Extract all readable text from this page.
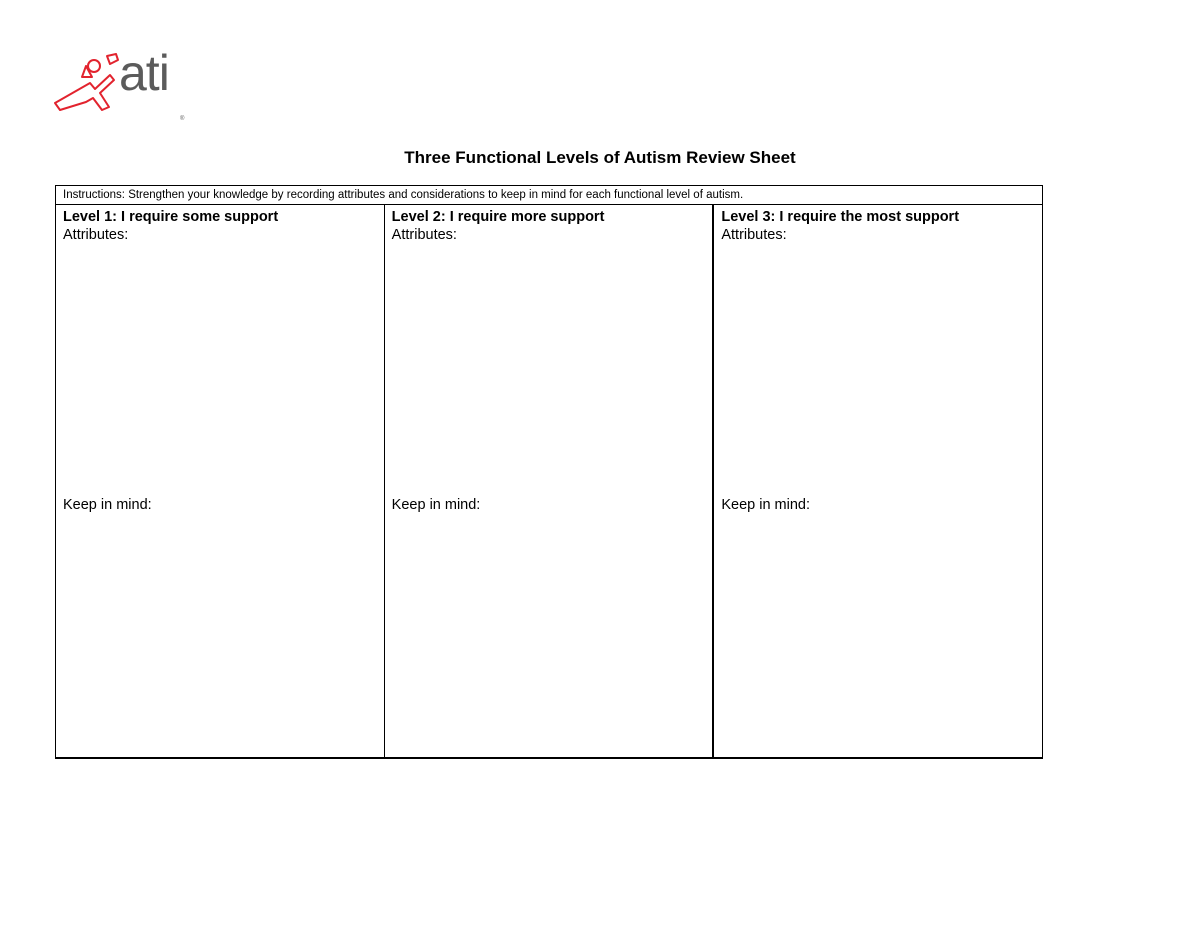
ati
®
Three Functional Levels of Autism Review Sheet
Instructions: Strengthen your knowledge by recording attributes and considerations to keep in mind for each functional level of autism.
Level 1: I require some support
Attributes:
Keep in mind:
Level 2: I require more support
Attributes:
Keep in mind:
Level 3: I require the most support
Attributes:
Keep in mind:
